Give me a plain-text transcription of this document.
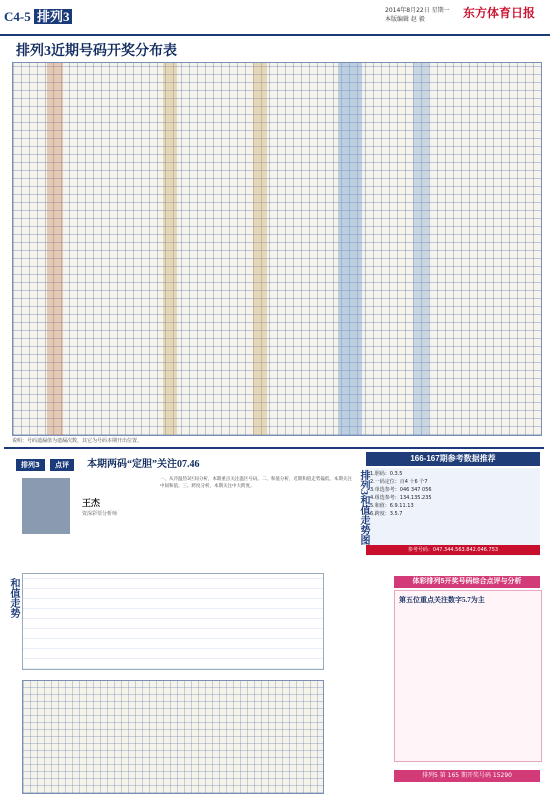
C4-5 排列3	2014年8月22日 星期一
本版编辑 赵 毅	东方体育日报
排列3近期号码开奖分布表
说明：号码遗漏值为遗漏次数，其它为号码本期开出位置。
排列3 点评 本期两码“定胆”关注07.46
王杰
资深彩票分析师
一、从冷温热3区间分析，本期重点关注温区号码。二、和值分析，近期和值走势偏低，本期关注中间和值。三、跨度分析，本期关注中大跨度。
166-167期参考数据推荐
1.胆码：0.3.5
2.一码定位：百4 十6 个7
3.单选参考：046 347 056
4.组选参考：134.135.235
5.和值：6.9.11.13
6.跨度：3.5.7
参考号码：047.344.563.842.046.753
和值走势
排列3和值走势图
体彩排列5开奖号码综合点评与分析
第五位重点关注数字5.7为主
排列5 第 165 期开奖号码 15290
